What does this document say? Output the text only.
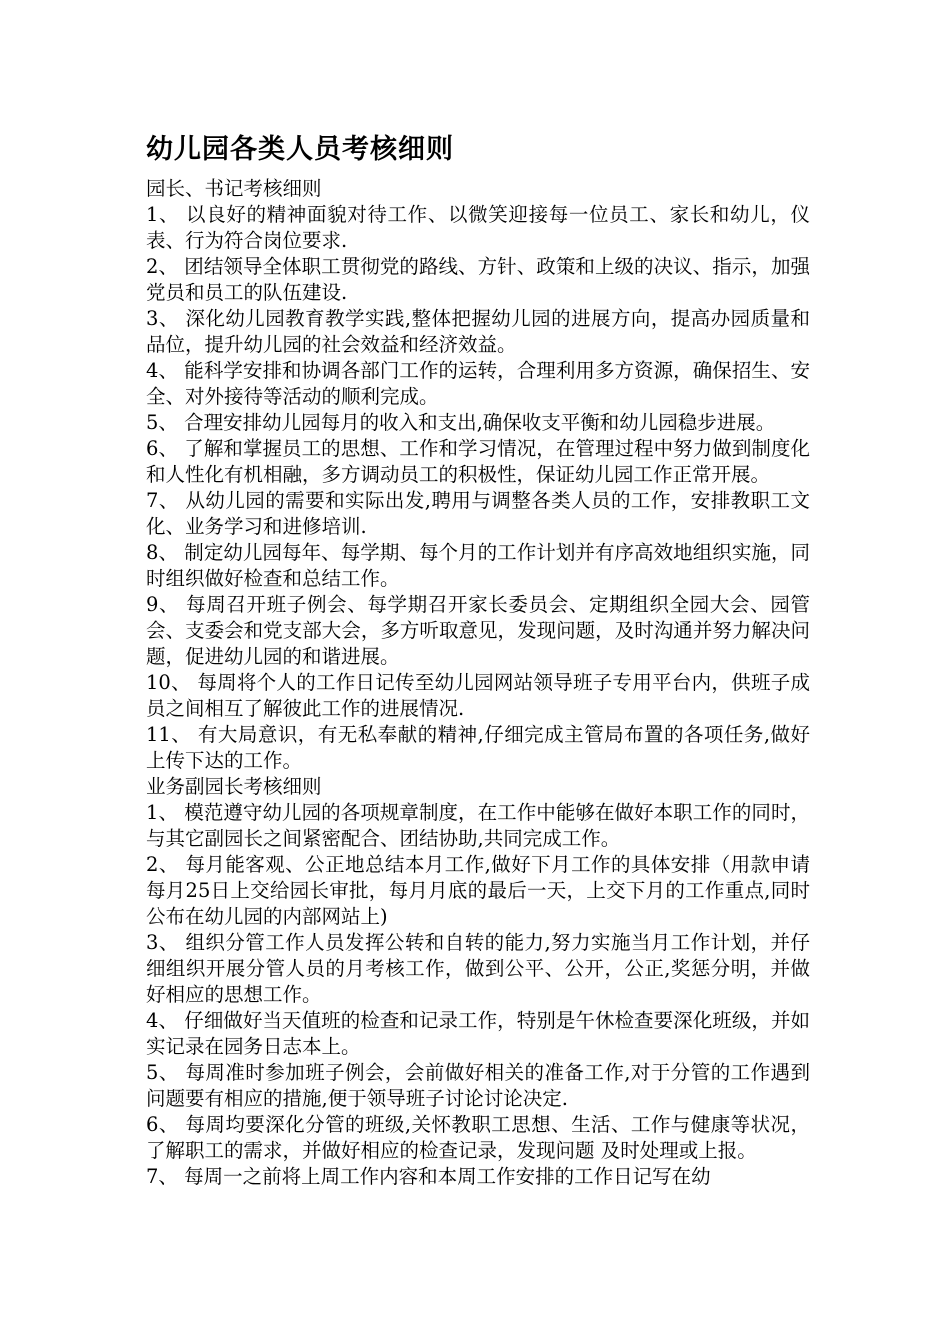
幼儿园各类人员考核细则

园长、书记考核细则

1、 以良好的精神面貌对待工作、以微笑迎接每一位员工、家长和幼儿，仪表、行为符合岗位要求.

2、 团结领导全体职工贯彻党的路线、方针、政策和上级的决议、指示，加强党员和员工的队伍建设.

3、 深化幼儿园教育教学实践,整体把握幼儿园的进展方向，提高办园质量和品位，提升幼儿园的社会效益和经济效益。

4、 能科学安排和协调各部门工作的运转，合理利用多方资源，确保招生、安全、对外接待等活动的顺利完成。

5、 合理安排幼儿园每月的收入和支出,确保收支平衡和幼儿园稳步进展。

6、 了解和掌握员工的思想、工作和学习情况，在管理过程中努力做到制度化和人性化有机相融，多方调动员工的积极性，保证幼儿园工作正常开展。

7、 从幼儿园的需要和实际出发,聘用与调整各类人员的工作，安排教职工文化、业务学习和进修培训.

8、 制定幼儿园每年、每学期、每个月的工作计划并有序高效地组织实施，同时组织做好检查和总结工作。

9、 每周召开班子例会、每学期召开家长委员会、定期组织全园大会、园管会、支委会和党支部大会，多方听取意见，发现问题，及时沟通并努力解决问题，促进幼儿园的和谐进展。

10、 每周将个人的工作日记传至幼儿园网站领导班子专用平台内，供班子成员之间相互了解彼此工作的进展情况.

11、 有大局意识，有无私奉献的精神,仔细完成主管局布置的各项任务,做好上传下达的工作。

业务副园长考核细则

1、 模范遵守幼儿园的各项规章制度，在工作中能够在做好本职工作的同时，与其它副园长之间紧密配合、团结协助,共同完成工作。

2、 每月能客观、公正地总结本月工作,做好下月工作的具体安排（用款申请每月25日上交给园长审批，每月月底的最后一天，上交下月的工作重点,同时公布在幼儿园的内部网站上)

3、 组织分管工作人员发挥公转和自转的能力,努力实施当月工作计划，并仔细组织开展分管人员的月考核工作，做到公平、公开，公正,奖惩分明，并做好相应的思想工作。

4、 仔细做好当天值班的检查和记录工作，特别是午休检查要深化班级，并如实记录在园务日志本上。

5、 每周准时参加班子例会，会前做好相关的准备工作,对于分管的工作遇到问题要有相应的措施,便于领导班子讨论讨论决定.

6、 每周均要深化分管的班级,关怀教职工思想、生活、工作与健康等状况，了解职工的需求，并做好相应的检查记录，发现问题 及时处理或上报。

7、 每周一之前将上周工作内容和本周工作安排的工作日记写在幼
